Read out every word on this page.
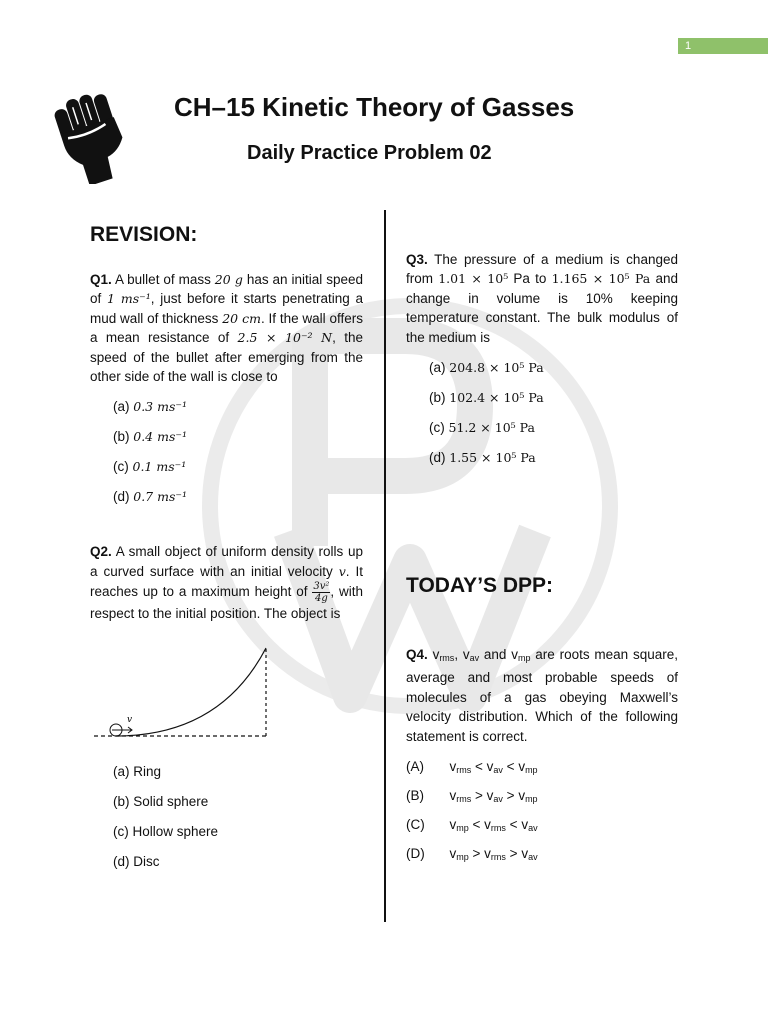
1
CH–15 Kinetic Theory of Gasses
Daily Practice Problem 02

REVISION:

Q1. A bullet of mass 20 g has an initial speed of 1 ms⁻¹, just before it starts penetrating a mud wall of thickness 20 cm. If the wall offers a mean resistance of 2.5 × 10⁻² N, the speed of the bullet after emerging from the other side of the wall is close to

(a) 0.3 ms⁻¹
(b) 0.4 ms⁻¹
(c) 0.1 ms⁻¹
(d) 0.7 ms⁻¹

Q2. A small object of uniform density rolls up a curved surface with an initial velocity v. It reaches up to a maximum height of $\frac{\text{3v²}}{4g}$ , with respect to the initial position. The object is

v
(a) Ring
(b) Solid sphere
(c) Hollow sphere
(d) Disc

Q3. The pressure of a medium is changed from 1.01 × 10⁵ Pa to 1.165 × 10⁵ Pa and change in volume is 10% keeping temperature constant. The bulk modulus of the medium is

(a) 204.8 × 10⁵ Pa
(b) 102.4 × 10⁵ Pa
(c) 51.2 × 10⁵ Pa
(d) 1.55 × 10⁵ Pa

TODAY’S DPP:

Q4. $v_{rms}$, $v_{av}$ and $v_{mp}$ are roots mean square, average and most probable speeds of molecules of a gas obeying Maxwell’s velocity distribution. Which of the following statement is correct.

(A)	$v_{rms} < v_{av} < v_{mp}$
(B)	$v_{rms} > v_{av} > v_{mp}$
(C)	$v_{mp} < v_{rms} < v_{av}$
(D)	$v_{mp} > v_{rms} > v_{av}$
